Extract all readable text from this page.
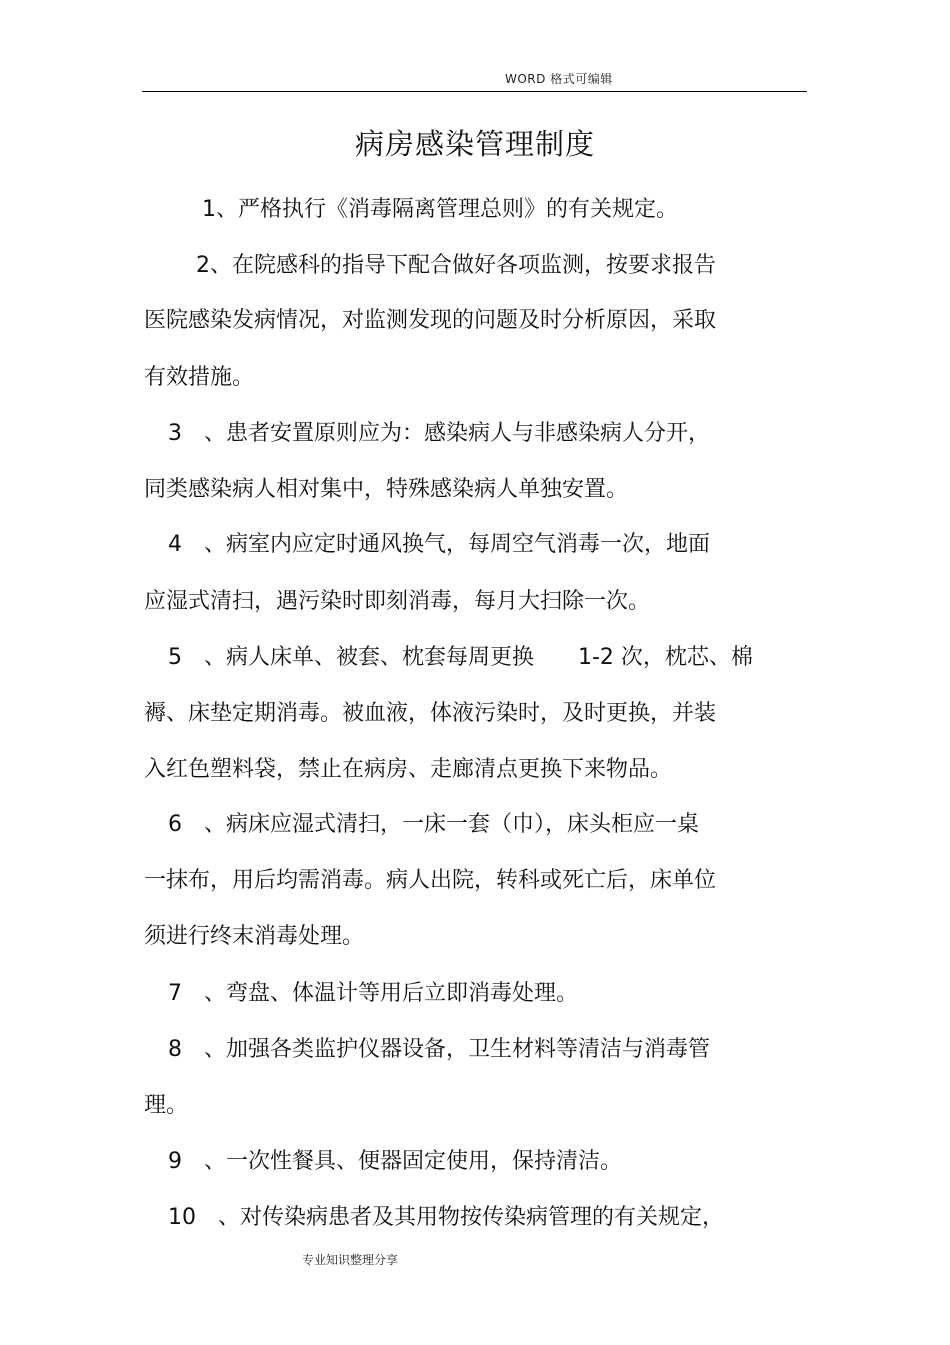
WORD 格式可编辑
病房感染管理制度
1、严格执行《消毒隔离管理总则》的有关规定。
2、在院感科的指导下配合做好各项监测，按要求报告
医院感染发病情况，对监测发现的问题及时分析原因，采取
有效措施。
3　、患者安置原则应为：感染病人与非感染病人分开，
同类感染病人相对集中，特殊感染病人单独安置。
4　、病室内应定时通风换气，每周空气消毒一次，地面
应湿式清扫，遇污染时即刻消毒，每月大扫除一次。
5　、病人床单、被套、枕套每周更换　　1-2 次，枕芯、棉
褥、床垫定期消毒。被血液，体液污染时，及时更换，并装
入红色塑料袋，禁止在病房、走廊清点更换下来物品。
6　、病床应湿式清扫，一床一套（巾），床头柜应一桌
一抹布，用后均需消毒。病人出院，转科或死亡后，床单位
须进行终末消毒处理。
7　、弯盘、体温计等用后立即消毒处理。
8　、加强各类监护仪器设备，卫生材料等清洁与消毒管
理。
9　、一次性餐具、便器固定使用，保持清洁。
10　、对传染病患者及其用物按传染病管理的有关规定，
专业知识整理分享
